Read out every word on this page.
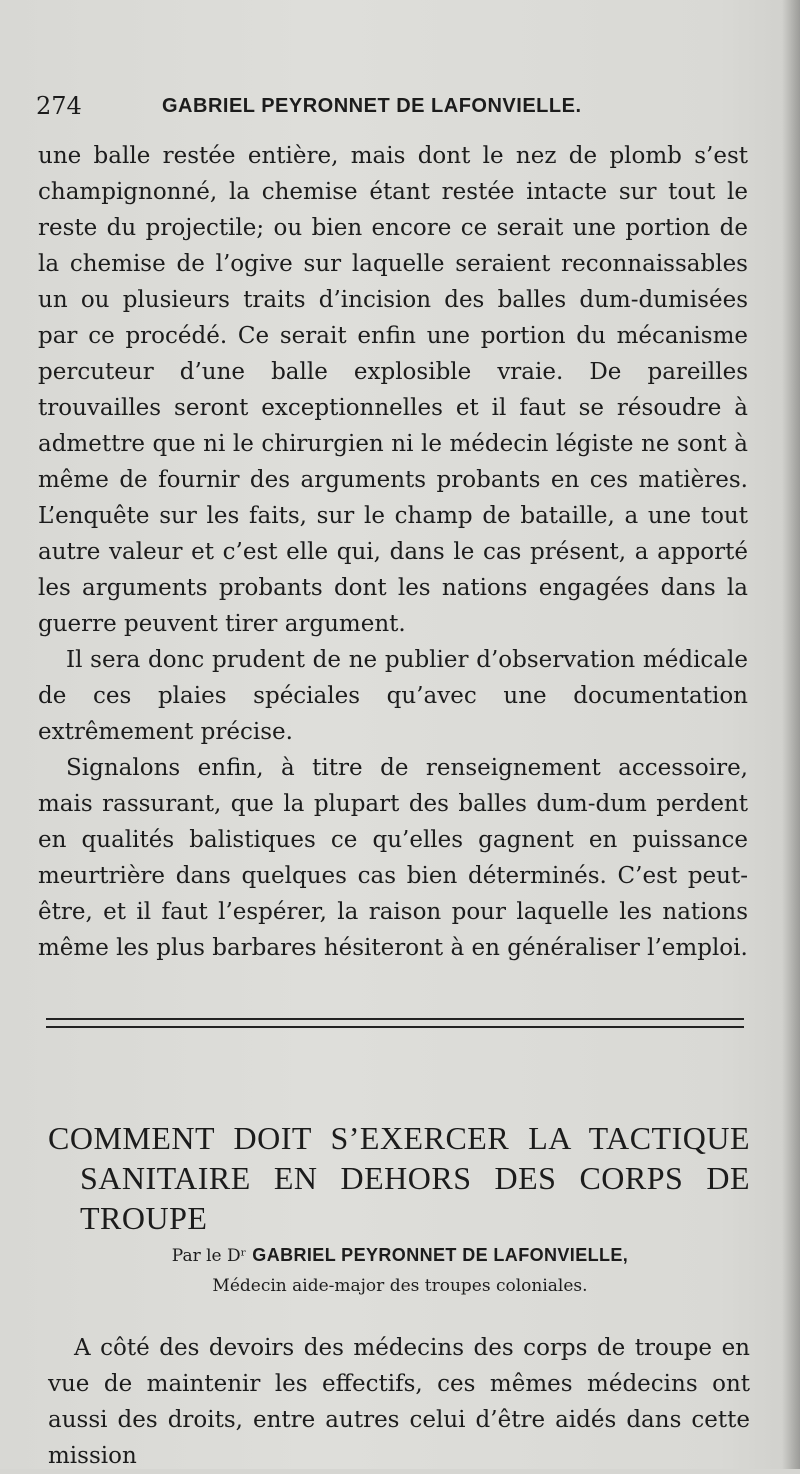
274	GABRIEL PEYRONNET DE LAFONVIELLE.

une balle restée entière, mais dont le nez de plomb s’est champignonné, la chemise étant restée intacte sur tout le reste du projectile; ou bien encore ce serait une portion de la chemise de l’ogive sur laquelle seraient reconnaissables un ou plusieurs traits d’incision des balles dum-dumisées par ce procédé. Ce serait enfin une portion du mécanisme percuteur d’une balle explosible vraie. De pareilles trouvailles seront exceptionnelles et il faut se résoudre à admettre que ni le chirurgien ni le médecin légiste ne sont à même de fournir des arguments probants en ces matières. L’enquête sur les faits, sur le champ de bataille, a une tout autre valeur et c’est elle qui, dans le cas présent, a apporté les arguments probants dont les nations engagées dans la guerre peuvent tirer argument.

Il sera donc prudent de ne publier d’observation médicale de ces plaies spéciales qu’avec une documentation extrêmement précise.

Signalons enfin, à titre de renseignement accessoire, mais rassurant, que la plupart des balles dum-dum perdent en qualités balistiques ce qu’elles gagnent en puissance meurtrière dans quelques cas bien déterminés. C’est peut-être, et il faut l’espérer, la raison pour laquelle les nations même les plus barbares hésiteront à en généraliser l’emploi.

COMMENT DOIT S’EXERCER LA TACTIQUE
SANITAIRE EN DEHORS DES CORPS DE
TROUPE
Par le Dʳ GABRIEL PEYRONNET DE LAFONVIELLE,
Médecin aide-major des troupes coloniales.

A côté des devoirs des médecins des corps de troupe en vue de maintenir les effectifs, ces mêmes médecins ont aussi des droits, entre autres celui d’être aidés dans cette mission
